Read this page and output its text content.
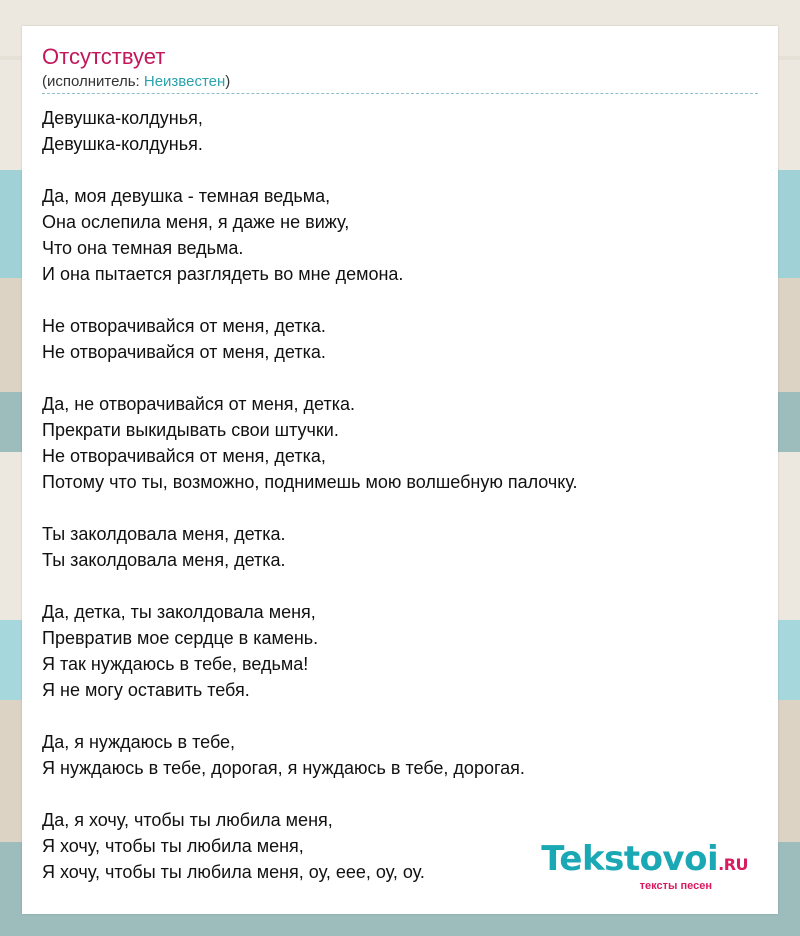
Отсутствует
(исполнитель: Неизвестен)
Девушка-колдунья,
Девушка-колдунья.
Да, моя девушка - темная ведьма,
Она ослепила меня, я даже не вижу,
Что она темная ведьма.
И она пытается разглядеть во мне демона.
Не отворачивайся от меня, детка.
Не отворачивайся от меня, детка.
Да, не отворачивайся от меня, детка.
Прекрати выкидывать свои штучки.
Не отворачивайся от меня, детка,
Потому что ты, возможно, поднимешь мою волшебную палочку.
Ты заколдовала меня, детка.
Ты заколдовала меня, детка.
Да, детка, ты заколдовала меня,
Превратив мое сердце в камень.
Я так нуждаюсь в тебе, ведьма!
Я не могу оставить тебя.
Да, я нуждаюсь в тебе,
Я нуждаюсь в тебе, дорогая, я нуждаюсь в тебе, дорогая.
Да, я хочу, чтобы ты любила меня,
Я хочу, чтобы ты любила меня,
Я хочу, чтобы ты любила меня, оу, еее, оу, оу.	Tekstovoi.RU
тексты песен
